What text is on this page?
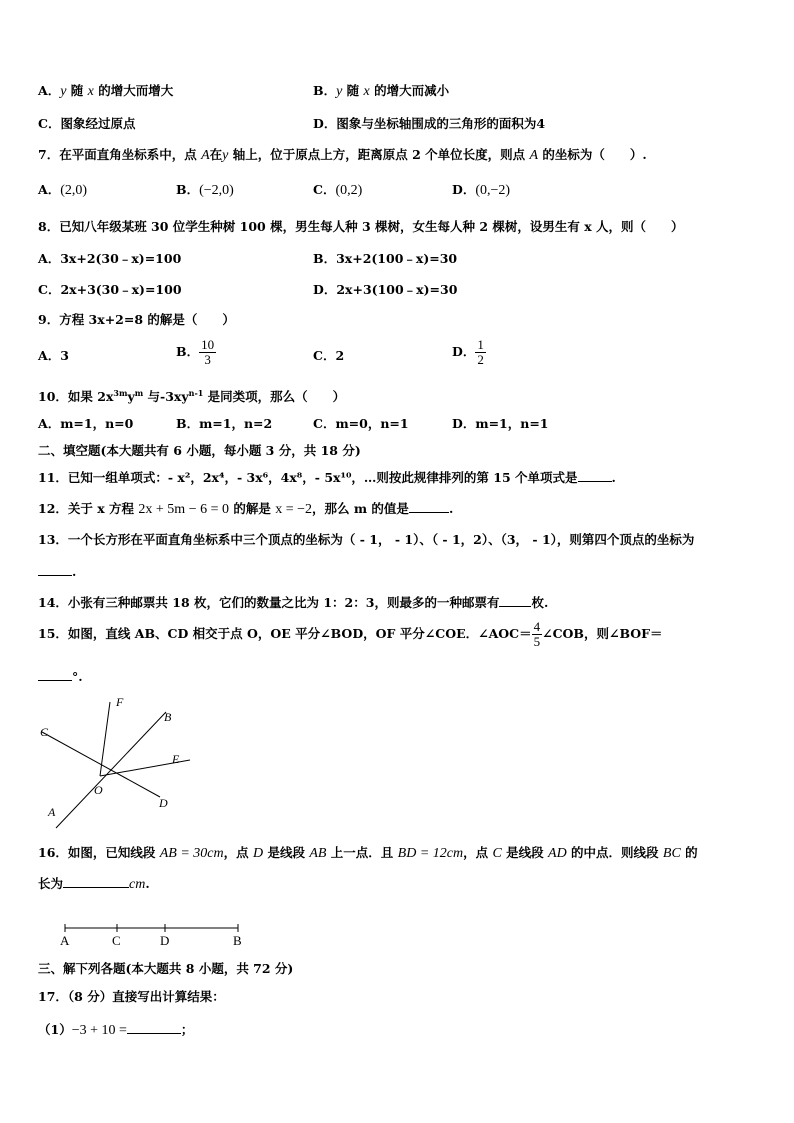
A．y 随 x 的增大而增大	B．y 随 x 的增大而减小
C．图象经过原点	D．图象与坐标轴围成的三角形的面积为4
7．在平面直角坐标系中，点 A在y 轴上，位于原点上方，距离原点 2 个单位长度，则点 A 的坐标为（　　）.
A．(2,0)	B．(−2,0)	C．(0,2)	D．(0,−2)
8．已知八年级某班 30 位学生种树 100 棵，男生每人种 3 棵树，女生每人种 2 棵树，设男生有 x 人，则（　　）
A．3x+2(30﹣x)=100	B．3x+2(100﹣x)=30
C．2x+3(30﹣x)=100	D．2x+3(100﹣x)=30
9．方程 3x+2=8 的解是（　　）
A．3	B． $\frac{10}{3}$	C．2	D． $\frac{1}{2}$
10．如果 $2x^{3m}y^m$ 与$-3xy^{n-1}$ 是同类项，那么（　　）
A．m=1，n=0	B．m=1，n=2	C．m=0，n=1	D．m=1，n=1
二、填空题(本大题共有 6 小题，每小题 3 分，共 18 分)
11．已知一组单项式：- x²，2x⁴，- 3x⁶，4x⁸，- 5x¹⁰，…则按此规律排列的第 15 个单项式是	.
12．关于 x 方程 2x + 5m − 6 = 0 的解是 x = −2，那么 m 的值是	.
13．一个长方形在平面直角坐标系中三个顶点的坐标为（ - 1， - 1）、（ - 1，2）、（3， - 1），则第四个顶点的坐标为
.
14．小张有三种邮票共 18 枚，它们的数量之比为 1：2：3，则最多的一种邮票有	枚.
15．如图，直线 AB、CD 相交于点 O，OE 平分∠BOD，OF 平分∠COE．∠AOC＝ $\frac{4}{5}$ ∠COB，则∠BOF＝
°.
F
B
C
E
O
A
D
16．如图，已知线段 AB = 30cm，点 D 是线段 AB 上一点．且 BD = 12cm，点 C 是线段 AD 的中点．则线段 BC 的
长为	cm.
A	C	D	B
三、解下列各题(本大题共 8 小题，共 72 分)
17．（8 分）直接写出计算结果：
（1）−3 + 10 =	；
